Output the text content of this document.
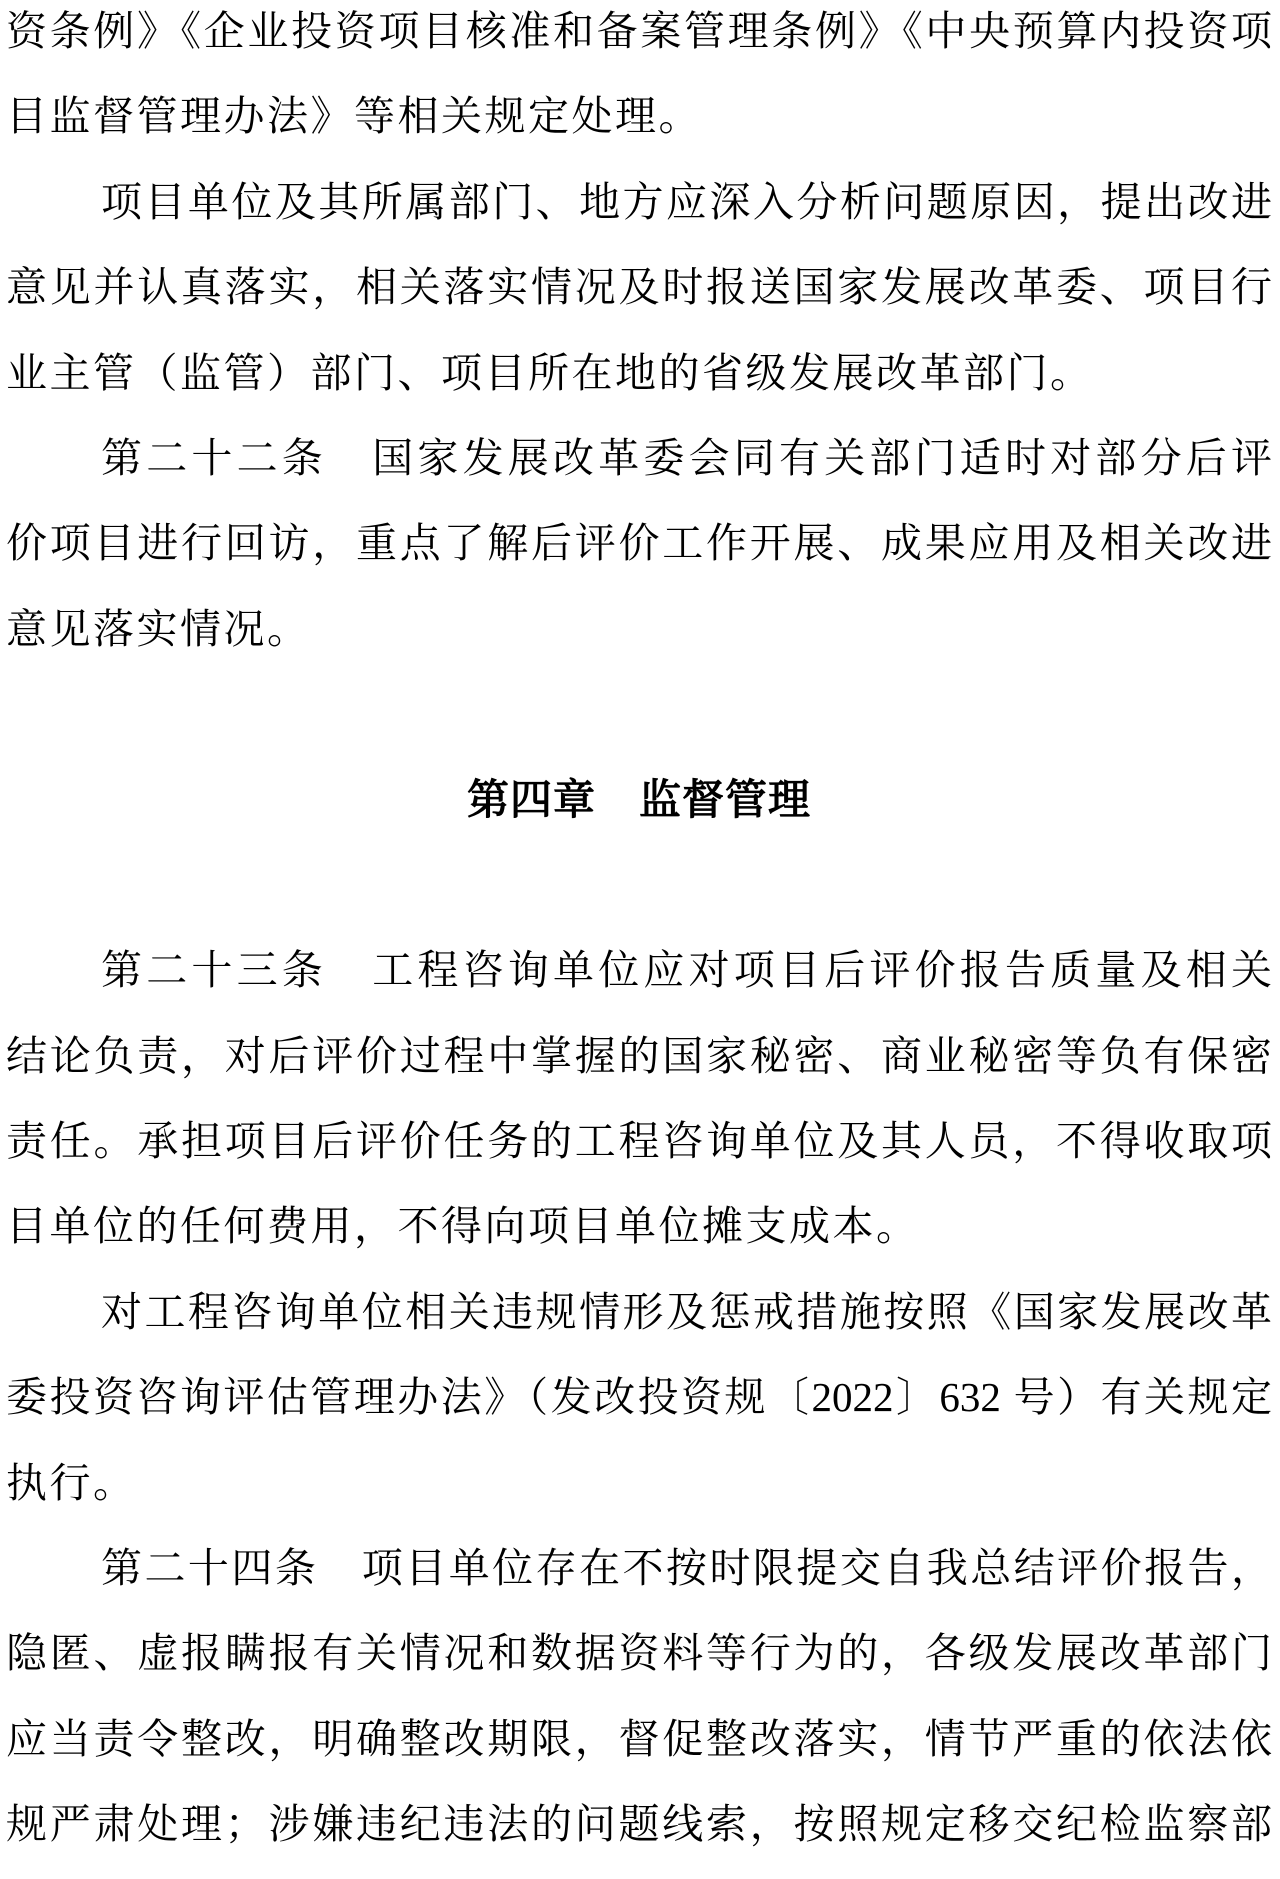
资条例》《企业投资项目核准和备案管理条例》《中央预算内投资项
目监督管理办法》等相关规定处理。
项目单位及其所属部门、地方应深入分析问题原因，提出改进
意见并认真落实，相关落实情况及时报送国家发展改革委、项目行
业主管（监管）部门、项目所在地的省级发展改革部门。
第二十二条　国家发展改革委会同有关部门适时对部分后评
价项目进行回访，重点了解后评价工作开展、成果应用及相关改进
意见落实情况。
第四章　监督管理
第二十三条　工程咨询单位应对项目后评价报告质量及相关
结论负责，对后评价过程中掌握的国家秘密、商业秘密等负有保密
责任。承担项目后评价任务的工程咨询单位及其人员，不得收取项
目单位的任何费用，不得向项目单位摊支成本。
对工程咨询单位相关违规情形及惩戒措施按照《国家发展改革
委投资咨询评估管理办法》（发改投资规〔2022〕632 号）有关规定
执行。
第二十四条　项目单位存在不按时限提交自我总结评价报告，
隐匿、虚报瞒报有关情况和数据资料等行为的，各级发展改革部门
应当责令整改，明确整改期限，督促整改落实，情节严重的依法依
规严肃处理；涉嫌违纪违法的问题线索，按照规定移交纪检监察部
